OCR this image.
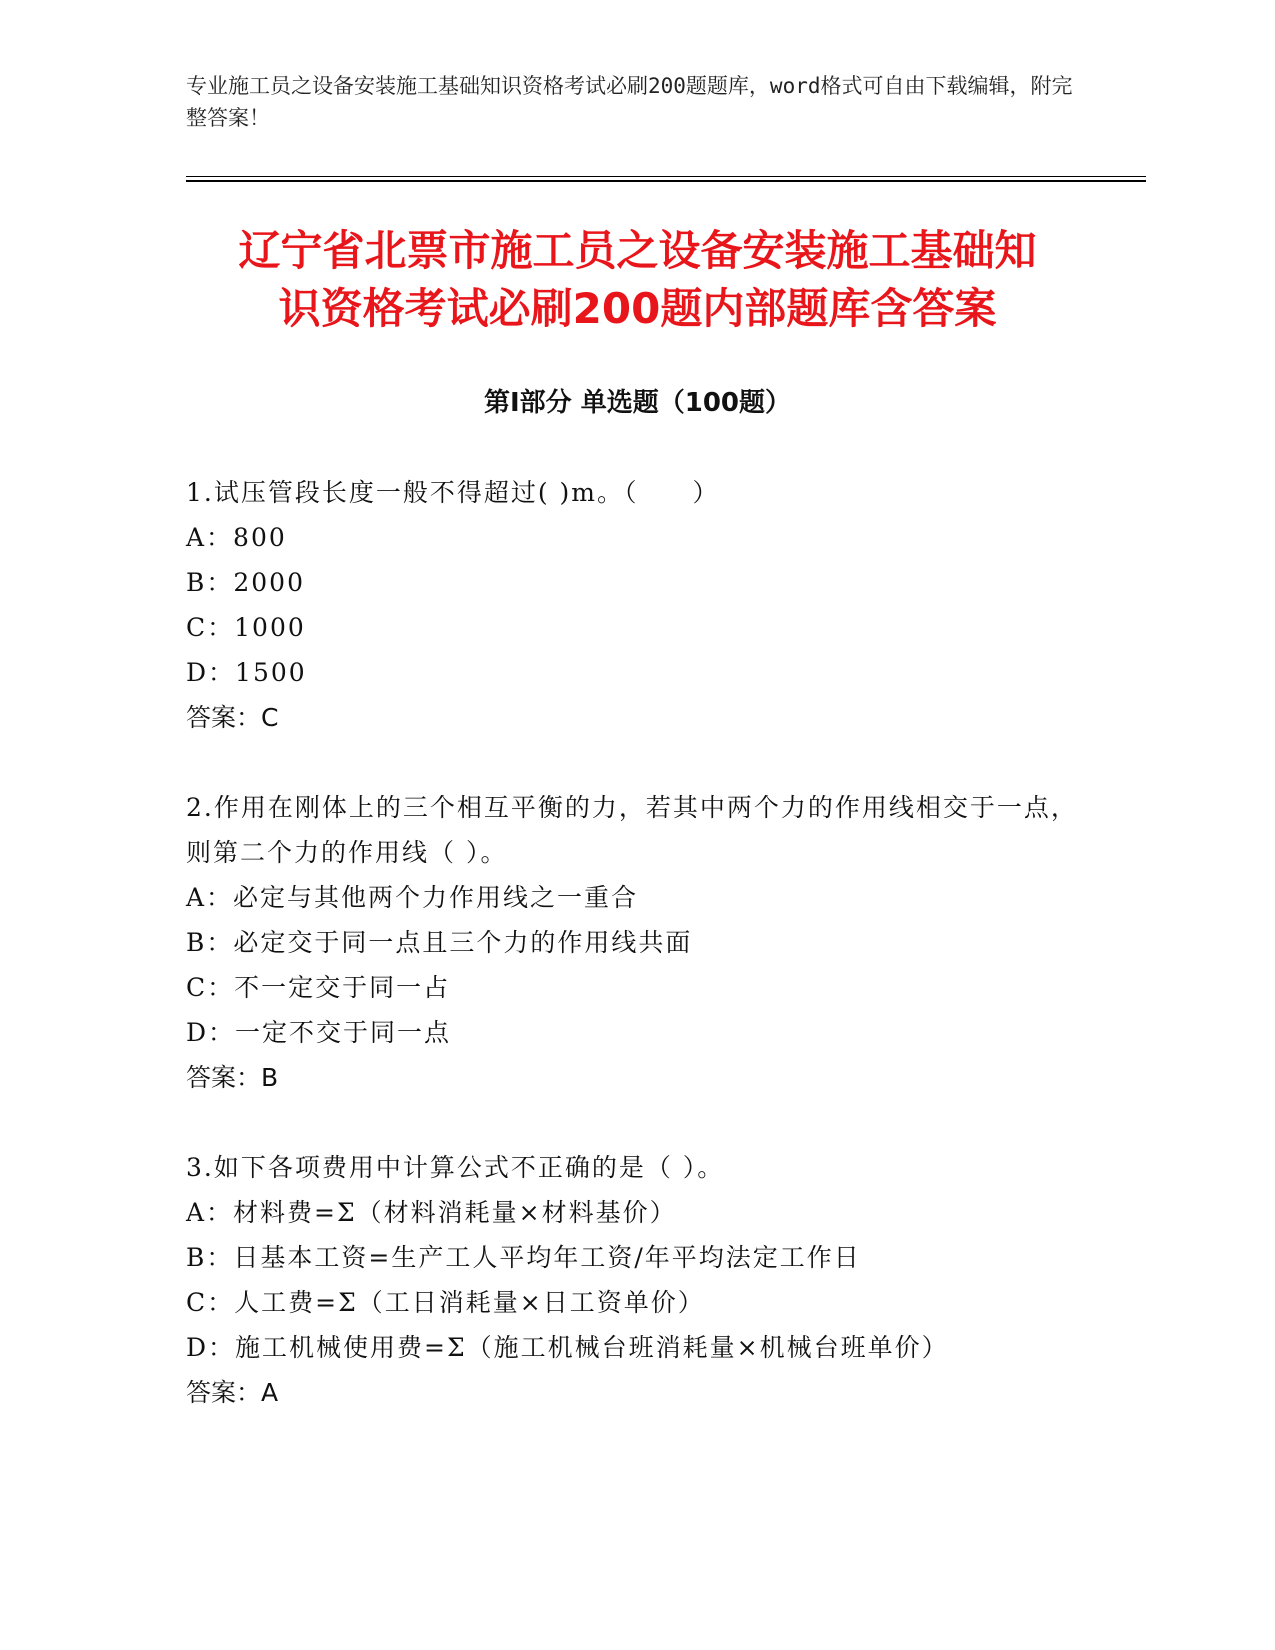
专业施工员之设备安装施工基础知识资格考试必刷200题题库，word格式可自由下载编辑，附完整答案！
辽宁省北票市施工员之设备安装施工基础知
识资格考试必刷200题内部题库含答案
第Ⅰ部分 单选题（100题）
1.试压管段长度一般不得超过( )m。（　　）
A：800
B：2000
C：1000
D：1500
答案：C
2.作用在刚体上的三个相互平衡的力，若其中两个力的作用线相交于一点，则第二个力的作用线（ ）。
A：必定与其他两个力作用线之一重合
B：必定交于同一点且三个力的作用线共面
C：不一定交于同一占
D：一定不交于同一点
答案：B
3.如下各项费用中计算公式不正确的是（ ）。
A：材料费=Σ（材料消耗量×材料基价）
B：日基本工资=生产工人平均年工资/年平均法定工作日
C：人工费=Σ（工日消耗量×日工资单价）
D：施工机械使用费=Σ（施工机械台班消耗量×机械台班单价）
答案：A
